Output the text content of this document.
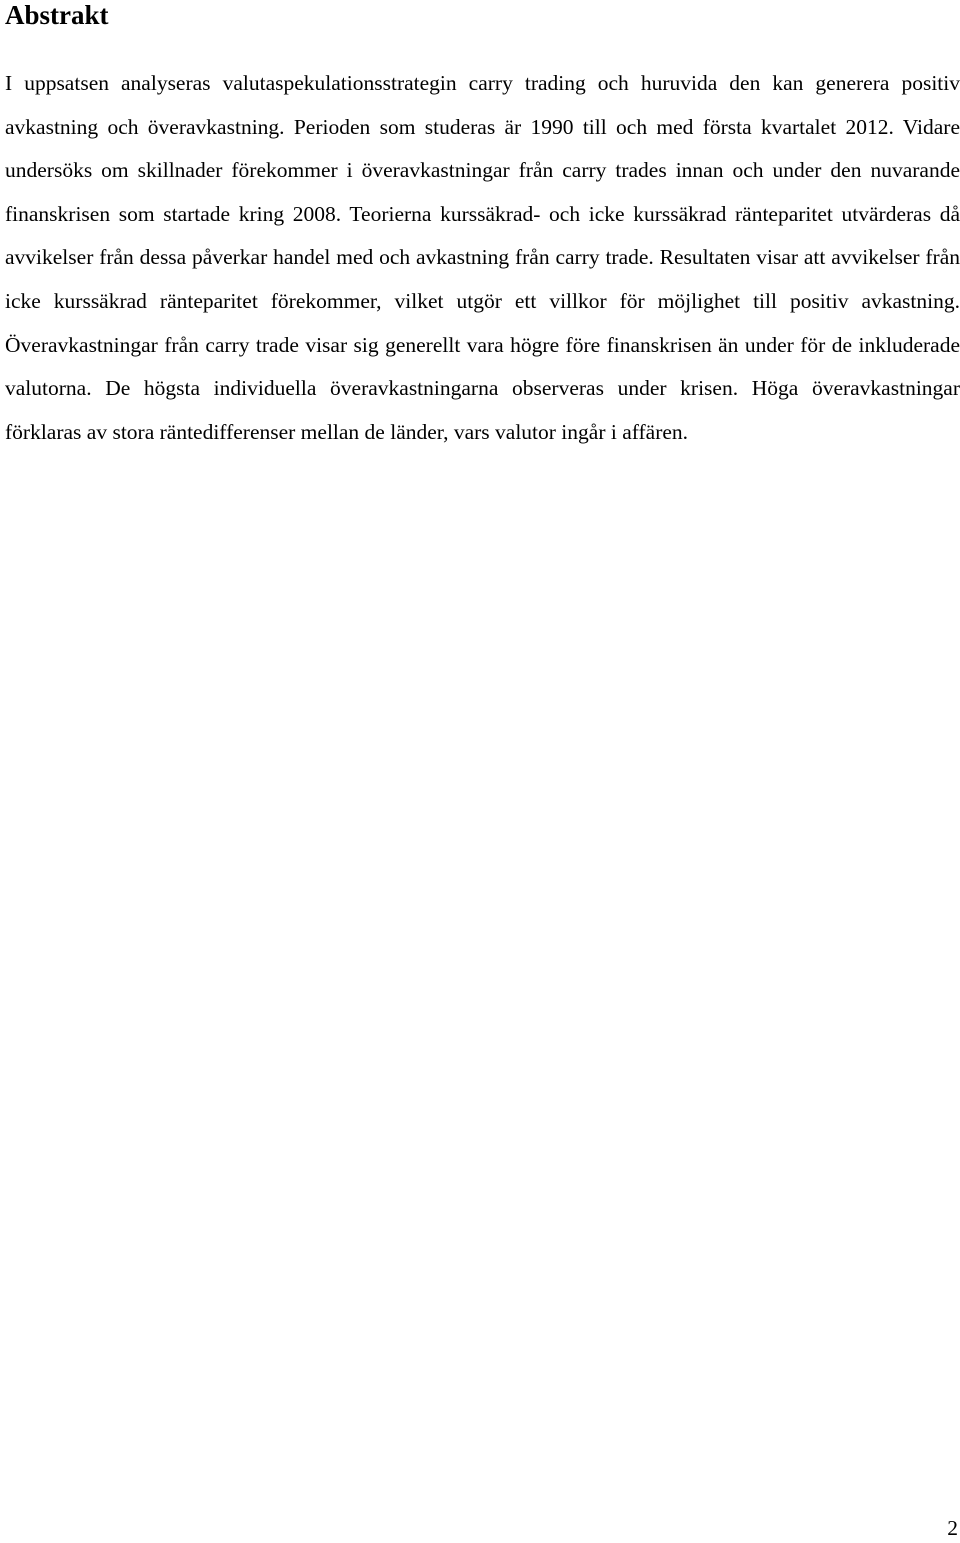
Abstrakt

I uppsatsen analyseras valutaspekulationsstrategin carry trading och huruvida den kan generera positiv avkastning och överavkastning. Perioden som studeras är 1990 till och med första kvartalet 2012. Vidare undersöks om skillnader förekommer i överavkastningar från carry trades innan och under den nuvarande finanskrisen som startade kring 2008. Teorierna kurssäkrad- och icke kurssäkrad ränteparitet utvärderas då avvikelser från dessa påverkar handel med och avkastning från carry trade. Resultaten visar att avvikelser från icke kurssäkrad ränteparitet förekommer, vilket utgör ett villkor för möjlighet till positiv avkastning. Överavkastningar från carry trade visar sig generellt vara högre före finanskrisen än under för de inkluderade valutorna. De högsta individuella överavkastningarna observeras under krisen. Höga överavkastningar förklaras av stora räntedifferenser mellan de länder, vars valutor ingår i affären.

2
